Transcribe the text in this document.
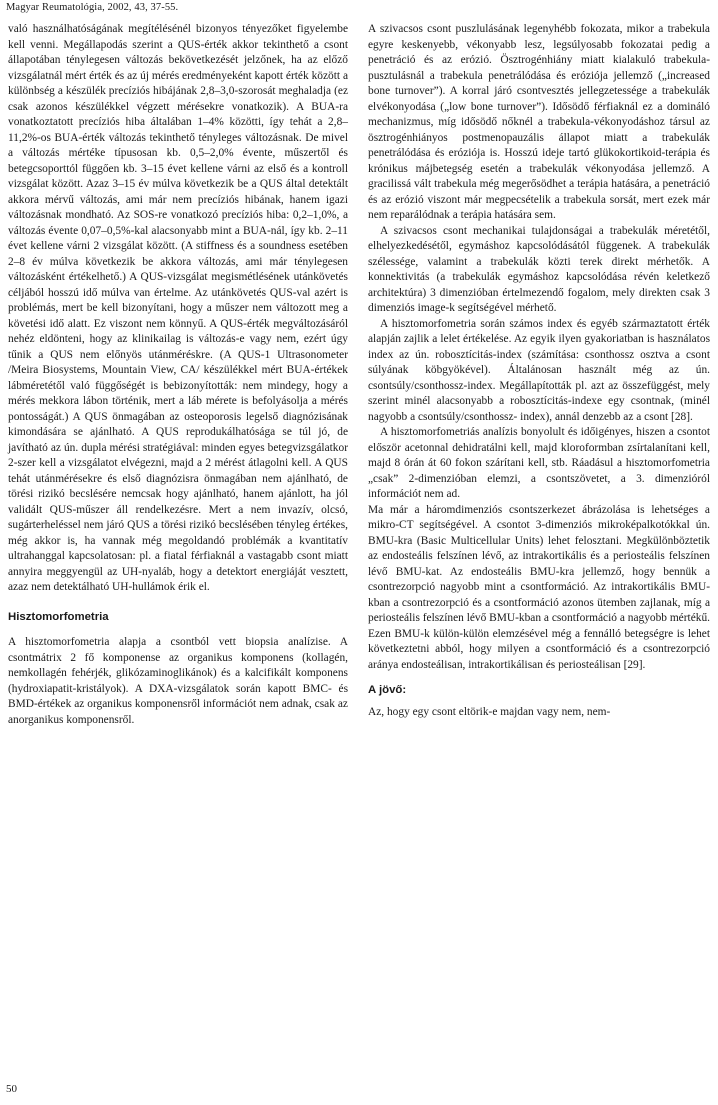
Magyar Reumatológia, 2002, 43, 37-55.

való használhatóságának megítélésénél bizonyos tényezőket figyelembe kell venni. Megállapodás szerint a QUS-érték akkor tekinthető a csont állapotában ténylegesen változás bekövetkezését jelzőnek, ha az előző vizsgálatnál mért érték és az új mérés eredményeként kapott érték között a különbség a készülék precíziós hibájának 2,8–3,0-szorosát meghaladja (ez csak azonos készülékkel végzett mérésekre vonatkozik). A BUA-ra vonatkoztatott precíziós hiba általában 1–4% közötti, így tehát a 2,8–11,2%-os BUA-érték változás tekinthető tényleges változásnak. De mivel a változás mértéke típusosan kb. 0,5–2,0% évente, műszertől és betegcsoporttól függően kb. 3–15 évet kellene várni az első és a kontroll vizsgálat között. Azaz 3–15 év múlva következik be a QUS által detektált akkora mérvű változás, ami már nem precíziós hibának, hanem igazi változásnak mondható. Az SOS-re vonatkozó precíziós hiba: 0,2–1,0%, a változás évente 0,07–0,5%-kal alacsonyabb mint a BUA-nál, így kb. 2–11 évet kellene várni 2 vizsgálat között. (A stiffness és a soundness esetében 2–8 év múlva következik be akkora változás, ami már ténylegesen változásként értékelhető.) A QUS-vizsgálat megismétlésének utánkövetés céljából hosszú idő múlva van értelme. Az utánkövetés QUS-val azért is problémás, mert be kell bizonyítani, hogy a műszer nem változott meg a követési idő alatt. Ez viszont nem könnyű. A QUS-érték megváltozásáról nehéz eldönteni, hogy az klinikailag is változás-e vagy nem, ezért úgy tűnik a QUS nem előnyös utánméréskre. (A QUS-1 Ultrasonometer /Meira Biosystems, Mountain View, CA/ készülékkel mért BUA-értékek lábméretétől való függőségét is bebizonyították: nem mindegy, hogy a mérés mekkora lábon történik, mert a láb mérete is befolyásolja a mérés pontosságát.) A QUS önmagában az osteoporosis legelső diagnózisának kimondására se ajánlható. A QUS reprodukálhatósága se túl jó, de javítható az ún. dupla mérési stratégiával: minden egyes betegvizsgálatkor 2-szer kell a vizsgálatot elvégezni, majd a 2 mérést átlagolni kell. A QUS tehát utánmérésekre és első diagnózisra önmagában nem ajánlható, de törési rizikó becslésére nemcsak hogy ajánlható, hanem ajánlott, ha jól validált QUS-műszer áll rendelkezésre. Mert a nem invazív, olcsó, sugárterheléssel nem járó QUS a törési rizikó becslésében tényleg értékes, még akkor is, ha vannak még megoldandó problémák a kvantitatív ultrahanggal kapcsolatosan: pl. a fiatal férfiaknál a vastagabb csont miatt annyira meggyengül az UH-nyaláb, hogy a detektort energiáját vesztett, azaz nem detektálható UH-hullámok érik el.

Hisztomorfometria

A hisztomorfometria alapja a csontból vett biopsia analízise. A csontmátrix 2 fő komponense az organikus komponens (kollagén, nemkollagén fehérjék, glikózaminoglikánok) és a kalcifikált komponens (hydroxiapatit-kristályok). A DXA-vizsgálatok során kapott BMC- és BMD-értékek az organikus komponensről információt nem adnak, csak az anorganikus komponensről.

A szivacsos csont puszlulásának legenyhébb fokozata, mikor a trabekula egyre keskenyebb, vékonyabb lesz, legsúlyosabb fokozatai pedig a penetráció és az erózió. Ösztrogénhiány miatt kialakuló trabekula-pusztulásnál a trabekula penetrálódása és eróziója jellemző („increased bone turnover”). A korral járó csontvesztés jellegzetessége a trabekulák elvékonyodása („low bone turnover”). Idősödő férfiaknál ez a domináló mechanizmus, míg idősödő nőknél a trabekula-vékonyodáshoz társul az ösztrogénhiányos postmenopauzális állapot miatt a trabekulák penetrálódása és eróziója is. Hosszú ideje tartó glükokortikoid-terápia és krónikus májbetegség esetén a trabekulák vékonyodása jellemző. A gracilissá vált trabekula még megerősödhet a terápia hatására, a penetráció és az erózió viszont már megpecsételik a trabekula sorsát, mert ezek már nem reparálódnak a terápia hatására sem.

A szivacsos csont mechanikai tulajdonságai a trabekulák méretétől, elhelyezkedésétől, egymáshoz kapcsolódásától függenek. A trabekulák szélessége, valamint a trabekulák közti terek direkt mérhetők. A konnektivitás (a trabekulák egymáshoz kapcsolódása révén keletkező architektúra) 3 dimenzióban értelmezendő fogalom, mely direkten csak 3 dimenziós image-k segítségével mérhető.

A hisztomorfometria során számos index és egyéb származtatott érték alapján zajlik a lelet értékelése. Az egyik ilyen gyakoriatban is használatos index az ún. robosztícitás-index (számítása: csonthossz osztva a csont súlyának köbgyökével). Általánosan használt még az ún. csontsúly/csonthossz-index. Megállapították pl. azt az összefüggést, mely szerint minél alacsonyabb a robosztícitás-indexe egy csontnak, (minél nagyobb a csontsúly/csonthossz- index), annál denzebb az a csont [28].

A hisztomorfometriás analízis bonyolult és időigényes, hiszen a csontot először acetonnal dehidratálni kell, majd kloroformban zsírtalanítani kell, majd 8 órán át 60 fokon szárítani kell, stb. Ráadásul a hisztomorfometria „csak” 2-dimenzióban elemzi, a csontszövetet, a 3. dimenzióról információt nem ad.

Ma már a háromdimenziós csontszerkezet ábrázolása is lehetséges a mikro-CT segítségével. A csontot 3-dimenziós mikroképalkotókkal ún. BMU-kra (Basic Multicellular Units) lehet felosztani. Megkülönböztetik az endosteális felszínen lévő, az intrakortikális és a periosteális felszínen lévő BMU-kat. Az endosteális BMU-kra jellemző, hogy bennük a csontrezorpció nagyobb mint a csontformáció. Az intrakortikális BMU-kban a csontrezorpció és a csontformáció azonos ütemben zajlanak, míg a periosteális felszínen lévő BMU-kban a csontformáció a nagyobb mértékű. Ezen BMU-k külön-külön elemzésével még a fennálló betegségre is lehet következtetni abból, hogy milyen a csontformáció és a csontrezorpció aránya endosteálisan, intrakortikálisan és periosteálisan [29].

A jövő:

Az, hogy egy csont eltörik-e majdan vagy nem, nem-

50
